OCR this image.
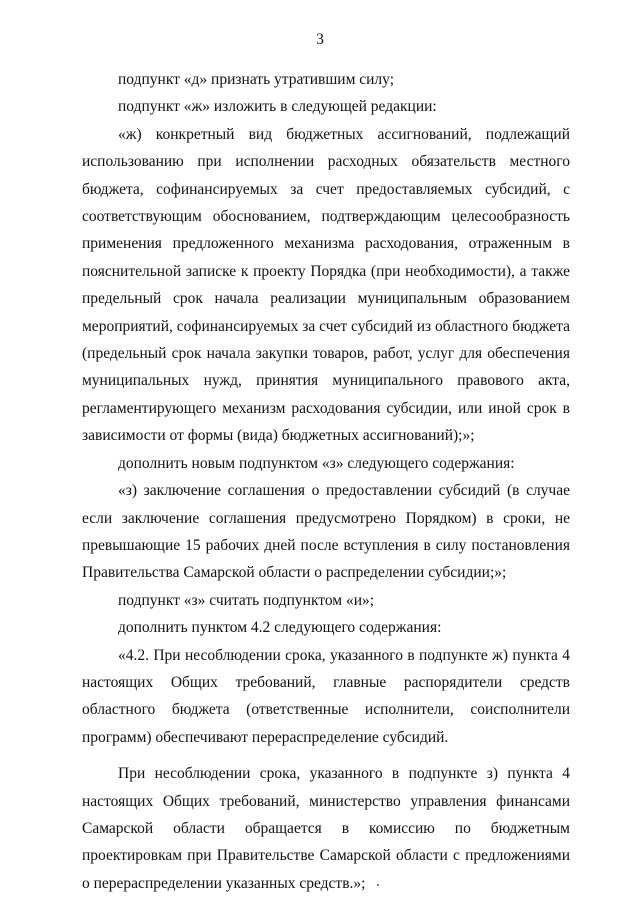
3

подпункт «д» признать утратившим силу;

подпункт «ж» изложить в следующей редакции:

«ж) конкретный вид бюджетных ассигнований, подлежащий использованию при исполнении расходных обязательств местного бюджета, софинансируемых за счет предоставляемых субсидий, с соответствующим обоснованием, подтверждающим целесообразность применения предложенного механизма расходования, отраженным в пояснительной записке к проекту Порядка (при необходимости), а также предельный срок начала реализации муниципальным образованием мероприятий, софинансируемых за счет субсидий из областного бюджета (предельный срок начала закупки товаров, работ, услуг для обеспечения муниципальных нужд, принятия муниципального правового акта, регламентирующего механизм расходования субсидии, или иной срок в зависимости от формы (вида) бюджетных ассигнований);»;

дополнить новым подпунктом «з» следующего содержания:

«з) заключение соглашения о предоставлении субсидий (в случае если заключение соглашения предусмотрено Порядком) в сроки, не превышающие 15 рабочих дней после вступления в силу постановления Правительства Самарской области о распределении субсидии;»;

подпункт «з» считать подпунктом «и»;

дополнить пунктом 4.2 следующего содержания:

«4.2. При несоблюдении срока, указанного в подпункте ж) пункта 4 настоящих Общих требований, главные распорядители средств областного бюджета (ответственные исполнители, соисполнители программ) обеспечивают перераспределение субсидий.

При несоблюдении срока, указанного в подпункте з) пункта 4 настоящих Общих требований, министерство управления финансами Самарской области обращается в комиссию по бюджетным проектировкам при Правительстве Самарской области с предложениями о перераспределении указанных средств.»;
